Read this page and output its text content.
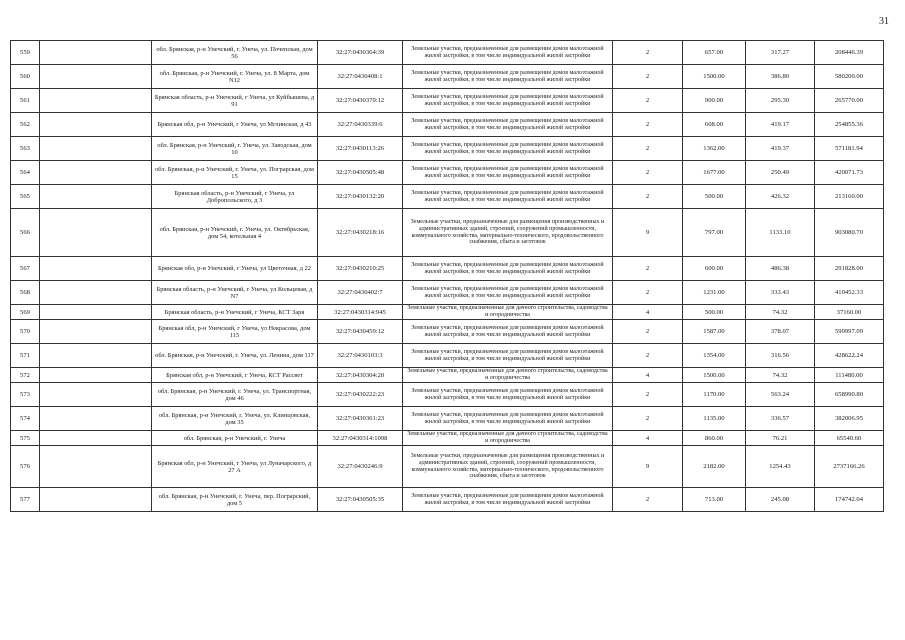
31
559		обл. Брянская, р-н Унечский, г. Унеча, ул. Почепская, дом 56	32:27:0430364:39	Земельные участки, предназначенные для размещения домов малоэтажной жилой застройки, в том числе индивидуальной жилой застройки	2	657.00	317.27	208446.39
560		обл. Брянская, р-н Унечский, г. Унеча, ул. 8 Марта, дом N12	32:27:0430408:1	Земельные участки, предназначенные для размещения домов малоэтажной жилой застройки, в том числе индивидуальной жилой застройки	2	1500.00	386.80	580200.00
561		Брянская область, р-н Унечский, г Унеча, ул Куйбышева, д 91	32:27:0430370:12	Земельные участки, предназначенные для размещения домов малоэтажной жилой застройки, в том числе индивидуальной жилой застройки	2	900.00	295.30	265770.00
562		Брянская обл, р-н Унечский, г Унеча, ул Мглинская, д 43	32:27:0430339:6	Земельные участки, предназначенные для размещения домов малоэтажной жилой застройки, в том числе индивидуальной жилой застройки	2	608.00	419.17	254855.36
563		обл. Брянская, р-н Унечский, г. Унеча, ул. Заводская, дом 10	32:27:0430113:26	Земельные участки, предназначенные для размещения домов малоэтажной жилой застройки, в том числе индивидуальной жилой застройки	2	1362.00	419.37	571181.94
564		обл. Брянская, р-н Унечский, г. Унеча, ул. Пограрская, дом 15	32:27:0430505:48	Земельные участки, предназначенные для размещения домов малоэтажной жилой застройки, в том числе индивидуальной жилой застройки	2	1677.00	250.49	420071.73
565		Брянская область, р-н Унечский, г Унеча, ул Добропольского, д 3	32:27:0430132:20	Земельные участки, предназначенные для размещения домов малоэтажной жилой застройки, в том числе индивидуальной жилой застройки	2	500.00	426.32	213160.00
566		обл. Брянская, р-н Унечский, г. Унеча, ул. Октябрьская, дом 54, котельная 4	32:27:0430218:16	Земельные участки, предназначенные для размещения производственных и административных зданий, строений, сооружений промышленности, коммунального хозяйства, материально-технического, продовольственного снабжения, сбыта и заготовок	9	797.00	1133.10	903080.70
567		Брянская обл, р-н Унечский, г Унеча, ул Цветочная, д 22	32:27:0430210:25	Земельные участки, предназначенные для размещения домов малоэтажной жилой застройки, в том числе индивидуальной жилой застройки	2	600.00	486.38	291828.00
568		Брянская область, р-н Унечский, г Унеча, ул Кольцевая, д N7	32:27:0430402:7	Земельные участки, предназначенные для размещения домов малоэтажной жилой застройки, в том числе индивидуальной жилой застройки	2	1231.00	333.43	410452.33
569		Брянская область, р-н Унечский, г Унеча, КСТ Заря	32:27:0430314:945	Земельные участки, предназначенные для дачного строительства, садоводства и огородничества	4	500.00	74.32	37160.00
570		Брянская обл, р-н Унечский, г Унеча, ул Некрасова, дом 115	32:27:0430459:12	Земельные участки, предназначенные для размещения домов малоэтажной жилой застройки, в том числе индивидуальной жилой застройки	2	1587.00	378.07	599997.09
571		обл. Брянская, р-н Унечский, г. Унеча, ул. Ленина, дом 117	32:27:0430103:3	Земельные участки, предназначенные для размещения домов малоэтажной жилой застройки, в том числе индивидуальной жилой застройки	2	1354.00	316.56	428622.24
572		Брянская обл, р-н Унечский, г Унеча, КСТ Рассвет	32:27:0430304:20	Земельные участки, предназначенные для дачного строительства, садоводства и огородничества	4	1500.00	74.32	111480.00
573		обл. Брянская, р-н Унечский, г. Унеча, ул. Транспортная, дом 46	32:27:0430222:23	Земельные участки, предназначенные для размещения домов малоэтажной жилой застройки, в том числе индивидуальной жилой застройки	2	1170.00	563.24	658990.80
574		обл. Брянская, р-н Унечский, г. Унеча, ул. Клинцовская, дом 35	32:27:0430361:23	Земельные участки, предназначенные для размещения домов малоэтажной жилой застройки, в том числе индивидуальной жилой застройки	2	1135.00	336.57	382006.95
575		обл. Брянская, р-н Унечский, г. Унеча	32:27:0430314:1098	Земельные участки, предназначенные для дачного строительства, садоводства и огородничества	4	860.00	76.21	65540.60
576		Брянская обл, р-н Унечский, г Унеча, ул Луначарского, д 27 А	32:27:0430246:9	Земельные участки, предназначенные для размещения производственных и административных зданий, строений, сооружений промышленности, коммунального хозяйства, материально-технического, продовольственного снабжения, сбыта и заготовок	9	2182.00	1254.43	2737166.26
577		обл. Брянская, р-н Унечский, г. Унеча, пер. Пограрский, дом 5	32:27:0430505:35	Земельные участки, предназначенные для размещения домов малоэтажной жилой застройки, в том числе индивидуальной жилой застройки	2	713.00	245.08	174742.04
